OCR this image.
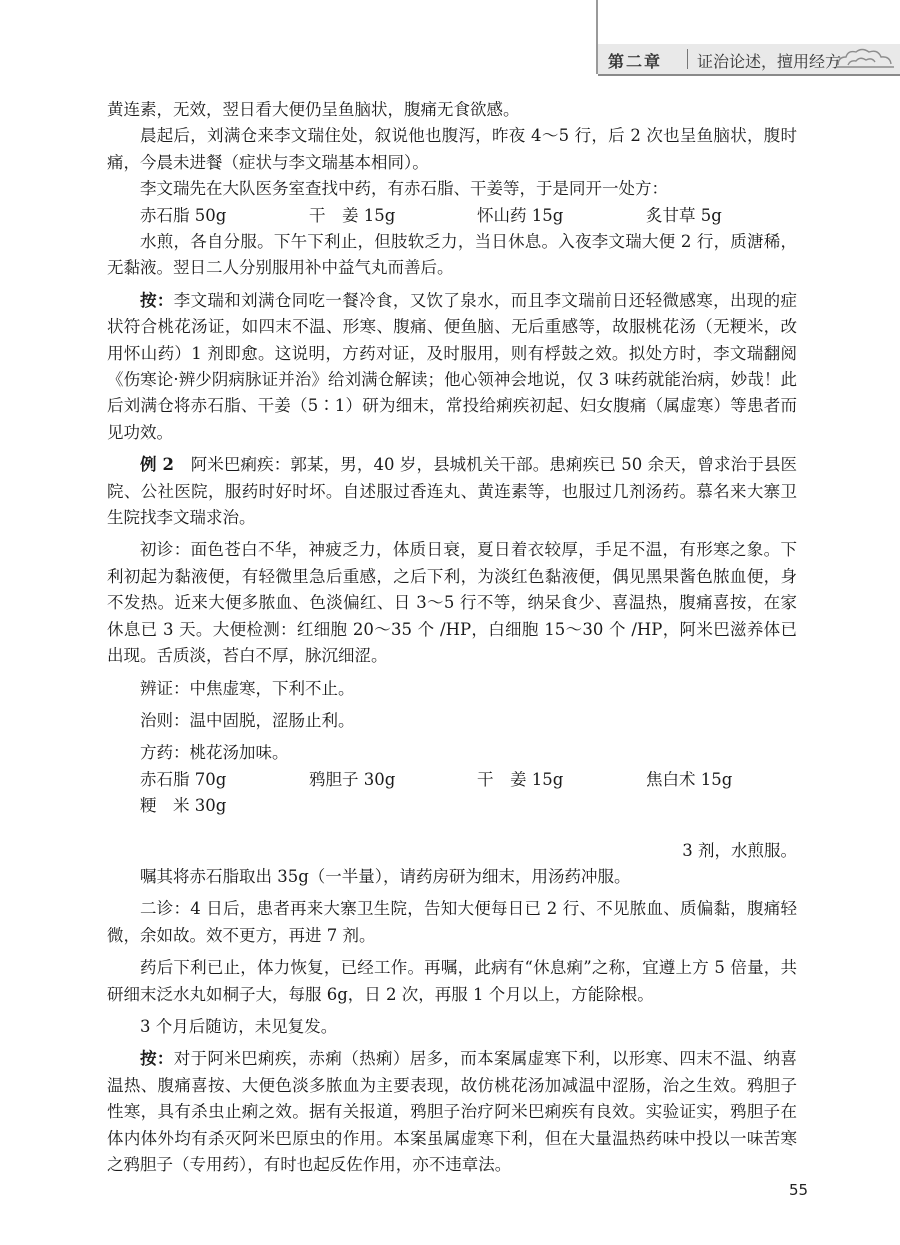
第二章 证治论述，擅用经方

黄连素，无效，翌日看大便仍呈鱼脑状，腹痛无食欲感。

晨起后，刘满仓来李文瑞住处，叙说他也腹泻，昨夜 4～5 行，后 2 次也呈鱼脑状，腹时痛，今晨未进餐（症状与李文瑞基本相同）。

李文瑞先在大队医务室查找中药，有赤石脂、干姜等，于是同开一处方：

赤石脂 50g	干　姜 15g	怀山药 15g	炙甘草 5g

水煎，各自分服。下午下利止，但肢软乏力，当日休息。入夜李文瑞大便 2 行，质溏稀，无黏液。翌日二人分别服用补中益气丸而善后。

按：李文瑞和刘满仓同吃一餐冷食，又饮了泉水，而且李文瑞前日还轻微感寒，出现的症状符合桃花汤证，如四末不温、形寒、腹痛、便鱼脑、无后重感等，故服桃花汤（无粳米，改用怀山药）1 剂即愈。这说明，方药对证，及时服用，则有桴鼓之效。拟处方时，李文瑞翻阅《伤寒论·辨少阴病脉证并治》给刘满仓解读；他心领神会地说，仅 3 味药就能治病，妙哉！此后刘满仓将赤石脂、干姜（5∶1）研为细末，常投给痢疾初起、妇女腹痛（属虚寒）等患者而见功效。

例 2　阿米巴痢疾：郭某，男，40 岁，县城机关干部。患痢疾已 50 余天，曾求治于县医院、公社医院，服药时好时坏。自述服过香连丸、黄连素等，也服过几剂汤药。慕名来大寨卫生院找李文瑞求治。

初诊：面色苍白不华，神疲乏力，体质日衰，夏日着衣较厚，手足不温，有形寒之象。下利初起为黏液便，有轻微里急后重感，之后下利，为淡红色黏液便，偶见黑果酱色脓血便，身不发热。近来大便多脓血、色淡偏红、日 3～5 行不等，纳呆食少、喜温热，腹痛喜按，在家休息已 3 天。大便检测：红细胞 20～35 个 /HP，白细胞 15～30 个 /HP，阿米巴滋养体已出现。舌质淡，苔白不厚，脉沉细涩。

辨证：中焦虚寒，下利不止。

治则：温中固脱，涩肠止利。

方药：桃花汤加味。

赤石脂 70g	鸦胆子 30g	干　姜 15g	焦白术 15g
粳　米 30g

3 剂，水煎服。

嘱其将赤石脂取出 35g（一半量），请药房研为细末，用汤药冲服。

二诊：4 日后，患者再来大寨卫生院，告知大便每日已 2 行、不见脓血、质偏黏，腹痛轻微，余如故。效不更方，再进 7 剂。

药后下利已止，体力恢复，已经工作。再嘱，此病有“休息痢”之称，宜遵上方 5 倍量，共研细末泛水丸如桐子大，每服 6g，日 2 次，再服 1 个月以上，方能除根。

3 个月后随访，未见复发。

按：对于阿米巴痢疾，赤痢（热痢）居多，而本案属虚寒下利，以形寒、四末不温、纳喜温热、腹痛喜按、大便色淡多脓血为主要表现，故仿桃花汤加减温中涩肠，治之生效。鸦胆子性寒，具有杀虫止痢之效。据有关报道，鸦胆子治疗阿米巴痢疾有良效。实验证实，鸦胆子在体内体外均有杀灭阿米巴原虫的作用。本案虽属虚寒下利，但在大量温热药味中投以一味苦寒之鸦胆子（专用药），有时也起反佐作用，亦不违章法。

55
